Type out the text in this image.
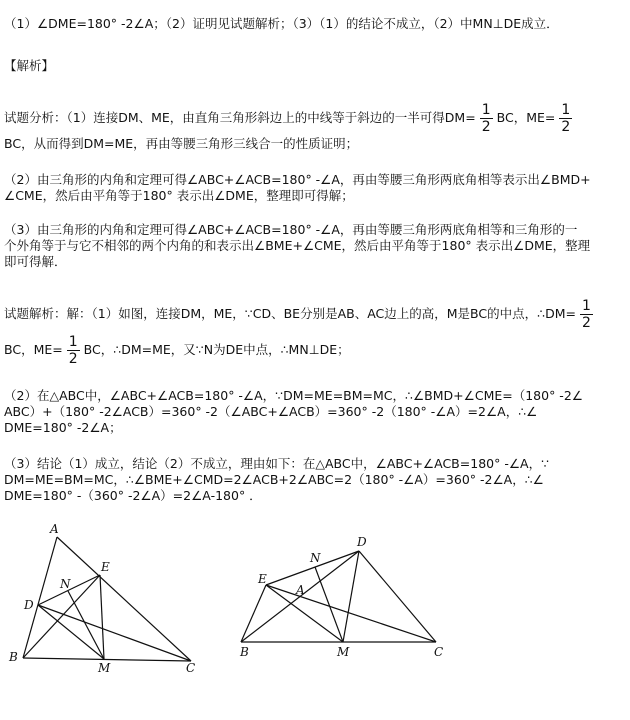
（1）∠DME=180° -2∠A；（2）证明见试题解析；（3）（1）的结论不成立，（2）中MN⊥DE成立．
【解析】
试题分析：（1）连接DM、ME，由直角三角形斜边上的中线等于斜边的一半可得$DM= \frac{1}{2}$ BC，$ME= \frac{1}{2}$
BC，从而得到DM=ME，再由等腰三角形三线合一的性质证明；
（2）由三角形的内角和定理可得∠ABC+∠ACB=180° -∠A，再由等腰三角形两底角相等表示出∠BMD+
∠CME，然后由平角等于180° 表示出∠DME，整理即可得解；
（3）由三角形的内角和定理可得∠ABC+∠ACB=180° -∠A，再由等腰三角形两底角相等和三角形的一
个外角等于与它不相邻的两个内角的和表示出∠BME+∠CME，然后由平角等于180° 表示出∠DME，整理
即可得解．
试题解析：解：（1）如图，连接DM，ME，∵CD、BE分别是AB、AC边上的高，M是BC的中点，∴DM= $\frac{1}{2}$
BC，$ME= \frac{1}{2}$ BC，∴DM=ME，又∵N为DE中点，∴MN⊥DE；
（2）在△ABC中，∠ABC+∠ACB=180° -∠A，∵DM=ME=BM=MC，∴∠BMD+∠CME=（180° -2∠
ABC）+（180° -2∠ACB）=360° -2（∠ABC+∠ACB）=360° -2（180° -∠A）=2∠A，∴∠
DME=180° -2∠A；
（3）结论（1）成立，结论（2）不成立，理由如下：在△ABC中，∠ABC+∠ACB=180° -∠A，∵
DM=ME=BM=MC，∴∠BME+∠CMD=2∠ACB+2∠ABC=2（180° -∠A）=360° -2∠A，∴∠
DME=180° -（360° -2∠A）=2∠A-180° ．
A
E
N
D
B
M	C
N
D
E
A
B	M	C
